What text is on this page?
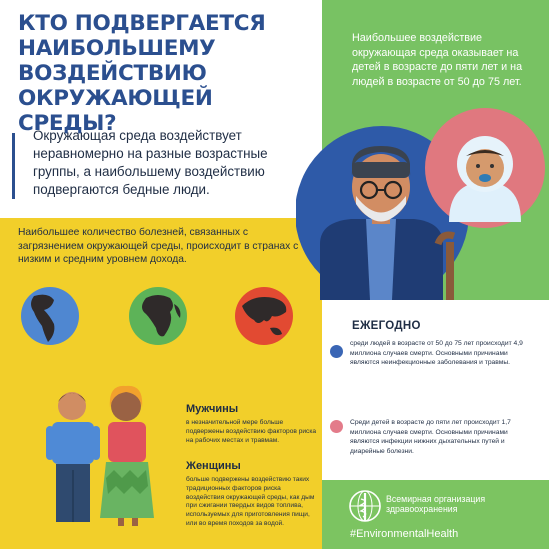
КТО ПОДВЕРГАЕТСЯ НАИБОЛЬШЕМУ ВОЗДЕЙСТВИЮ ОКРУЖАЮЩЕЙ СРЕДЫ?
Окружающая среда воздействует неравномерно на разные возрастные группы, а наибольшему воздействию подвергаются бедные люди.
Наибольшее воздействие окружающая среда оказывает на детей в возрасте до пяти лет и на людей в возрасте от 50 до 75 лет.
Наибольшее количество болезней, связанных с загрязнением окружающей среды, происходит в странах с низким и средним уровнем дохода.
Мужчины
в незначительной мере больше подвержены воздействию факторов риска на рабочих местах и травмам.
Женщины
больше подвержены воздействию таких традиционных факторов риска воздействия окружающей среды, как дым при сжигании твердых видов топлива, используемых для приготовления пищи, или во время походов за водой.
ЕЖЕГОДНО
среди людей в возрасте от 50 до 75 лет происходит 4,9 миллиона случаев смерти. Основными причинами являются неинфекционные заболевания и травмы.
Среди детей в возрасте до пяти лет происходит 1,7 миллиона случаев смерти. Основными причинами являются инфекции нижних дыхательных путей и диарейные болезни.
Всемирная организация здравоохранения
#EnvironmentalHealth
